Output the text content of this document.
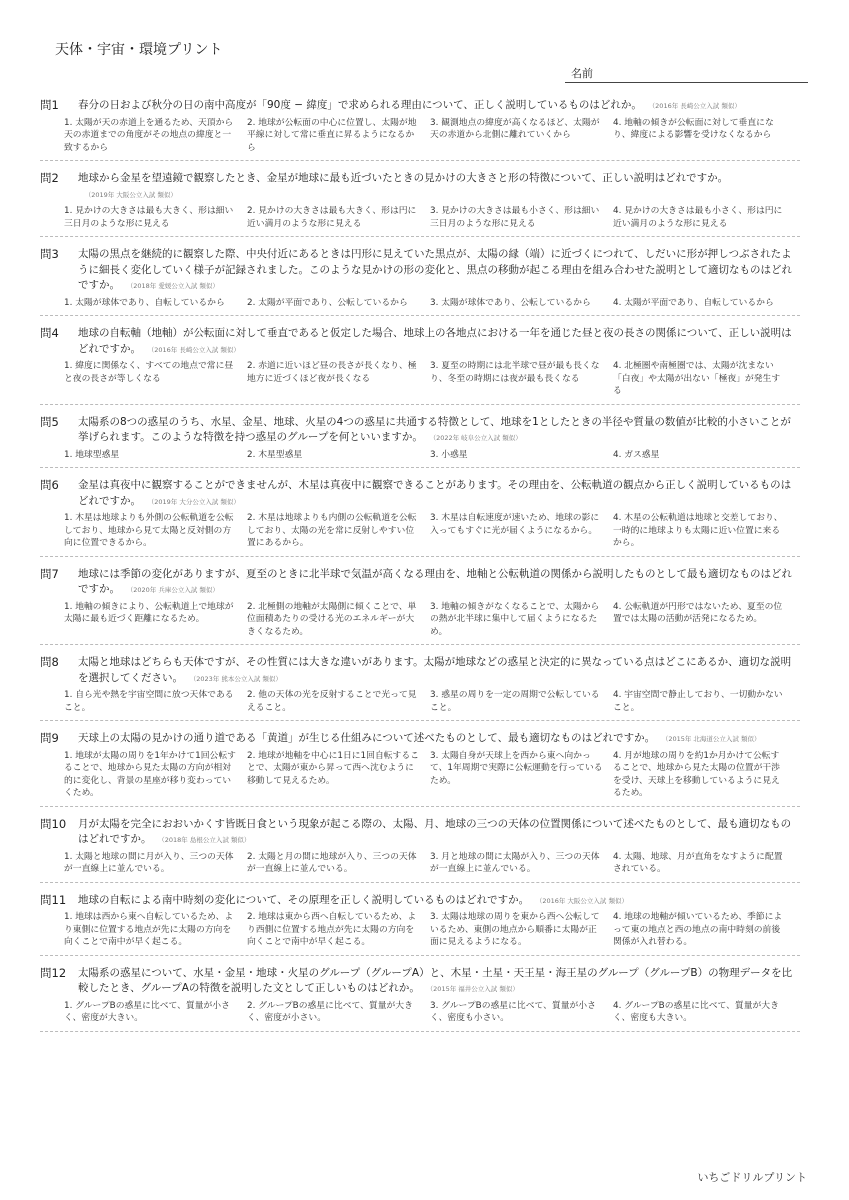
天体・宇宙・環境プリント
名前
問1 春分の日および秋分の日の南中高度が「90度 − 緯度」で求められる理由について、正しく説明しているものはどれか。 （2016年 長崎公立入試 類似）
1. 太陽が天の赤道上を通るため、天頂から天の赤道までの角度がその地点の緯度と一致するから
2. 地球が公転面の中心に位置し、太陽が地平線に対して常に垂直に昇るようになるから
3. 観測地点の緯度が高くなるほど、太陽が天の赤道から北側に離れていくから
4. 地軸の傾きが公転面に対して垂直になり、緯度による影響を受けなくなるから
問2 地球から金星を望遠鏡で観察したとき、金星が地球に最も近づいたときの見かけの大きさと形の特徴について、正しい説明はどれですか。（2019年 大阪公立入試 類似）
1. 見かけの大きさは最も大きく、形は細い三日月のような形に見える
2. 見かけの大きさは最も大きく、形は円に近い満月のような形に見える
3. 見かけの大きさは最も小さく、形は細い三日月のような形に見える
4. 見かけの大きさは最も小さく、形は円に近い満月のような形に見える
問3 太陽の黒点を継続的に観察した際、中央付近にあるときは円形に見えていた黒点が、太陽の縁（端）に近づくにつれて、しだいに形が押しつぶされたように細長く変化していく様子が記録されました。このような見かけの形の変化と、黒点の移動が起こる理由を組み合わせた説明として適切なものはどれですか。 （2018年 愛媛公立入試 類似）
1. 太陽が球体であり、自転しているから	2. 太陽が平面であり、公転しているから	3. 太陽が球体であり、公転しているから	4. 太陽が平面であり、自転しているから
問4 地球の自転軸（地軸）が公転面に対して垂直であると仮定した場合、地球上の各地点における一年を通じた昼と夜の長さの関係について、正しい説明はどれですか。 （2016年 長崎公立入試 類似）
1. 緯度に関係なく、すべての地点で常に昼と夜の長さが等しくなる
2. 赤道に近いほど昼の長さが長くなり、極地方に近づくほど夜が長くなる
3. 夏至の時期には北半球で昼が最も長くなり、冬至の時期には夜が最も長くなる
4. 北極圏や南極圏では、太陽が沈まない「白夜」や太陽が出ない「極夜」が発生する
問5 太陽系の8つの惑星のうち、水星、金星、地球、火星の4つの惑星に共通する特徴として、地球を1としたときの半径や質量の数値が比較的小さいことが挙げられます。このような特徴を持つ惑星のグループを何といいますか。 （2022年 岐阜公立入試 類似）
1. 地球型惑星	2. 木星型惑星	3. 小惑星	4. ガス惑星
問6 金星は真夜中に観察することができませんが、木星は真夜中に観察できることがあります。その理由を、公転軌道の観点から正しく説明しているものはどれですか。 （2019年 大分公立入試 類似）
1. 木星は地球よりも外側の公転軌道を公転しており、地球から見て太陽と反対側の方向に位置できるから。
2. 木星は地球よりも内側の公転軌道を公転しており、太陽の光を常に反射しやすい位置にあるから。
3. 木星は自転速度が速いため、地球の影に入ってもすぐに光が届くようになるから。
4. 木星の公転軌道は地球と交差しており、一時的に地球よりも太陽に近い位置に来るから。
問7 地球には季節の変化がありますが、夏至のときに北半球で気温が高くなる理由を、地軸と公転軌道の関係から説明したものとして最も適切なものはどれですか。 （2020年 兵庫公立入試 類似）
1. 地軸の傾きにより、公転軌道上で地球が太陽に最も近づく距離になるため。
2. 北極側の地軸が太陽側に傾くことで、単位面積あたりの受ける光のエネルギーが大きくなるため。
3. 地軸の傾きがなくなることで、太陽からの熱が北半球に集中して届くようになるため。
4. 公転軌道が円形ではないため、夏至の位置では太陽の活動が活発になるため。
問8 太陽と地球はどちらも天体ですが、その性質には大きな違いがあります。太陽が地球などの惑星と決定的に異なっている点はどこにあるか、適切な説明を選択してください。 （2023年 熊本公立入試 類似）
1. 自ら光や熱を宇宙空間に放つ天体であること。
2. 他の天体の光を反射することで光って見えること。
3. 惑星の周りを一定の周期で公転していること。
4. 宇宙空間で静止しており、一切動かないこと。
問9 天球上の太陽の見かけの通り道である「黄道」が生じる仕組みについて述べたものとして、最も適切なものはどれですか。 （2015年 北海道公立入試 類似）
1. 地球が太陽の周りを1年かけて1回公転することで、地球から見た太陽の方向が相対的に変化し、背景の星座が移り変わっていくため。
2. 地球が地軸を中心に1日に1回自転することで、太陽が東から昇って西へ沈むように移動して見えるため。
3. 太陽自身が天球上を西から東へ向かって、1年周期で実際に公転運動を行っているため。
4. 月が地球の周りを約1か月かけて公転することで、地球から見た太陽の位置が干渉を受け、天球上を移動しているように見えるため。
問10 月が太陽を完全におおいかくす皆既日食という現象が起こる際の、太陽、月、地球の三つの天体の位置関係について述べたものとして、最も適切なものはどれですか。 （2018年 島根公立入試 類似）
1. 太陽と地球の間に月が入り、三つの天体が一直線上に並んでいる。
2. 太陽と月の間に地球が入り、三つの天体が一直線上に並んでいる。
3. 月と地球の間に太陽が入り、三つの天体が一直線上に並んでいる。
4. 太陽、地球、月が直角をなすように配置されている。
問11 地球の自転による南中時刻の変化について、その原理を正しく説明しているものはどれですか。 （2016年 大阪公立入試 類似）
1. 地球は西から東へ自転しているため、より東側に位置する地点が先に太陽の方向を向くことで南中が早く起こる。
2. 地球は東から西へ自転しているため、より西側に位置する地点が先に太陽の方向を向くことで南中が早く起こる。
3. 太陽は地球の周りを東から西へ公転しているため、東側の地点から順番に太陽が正面に見えるようになる。
4. 地球の地軸が傾いているため、季節によって東の地点と西の地点の南中時刻の前後関係が入れ替わる。
問12 太陽系の惑星について、水星・金星・地球・火星のグループ（グループA）と、木星・土星・天王星・海王星のグループ（グループB）の物理データを比較したとき、グループAの特徴を説明した文として正しいものはどれか。 （2015年 福井公立入試 類似）
1. グループBの惑星に比べて、質量が小さく、密度が大きい。
2. グループBの惑星に比べて、質量が大きく、密度が小さい。
3. グループBの惑星に比べて、質量が小さく、密度も小さい。
4. グループBの惑星に比べて、質量が大きく、密度も大きい。
いちごドリルプリント
